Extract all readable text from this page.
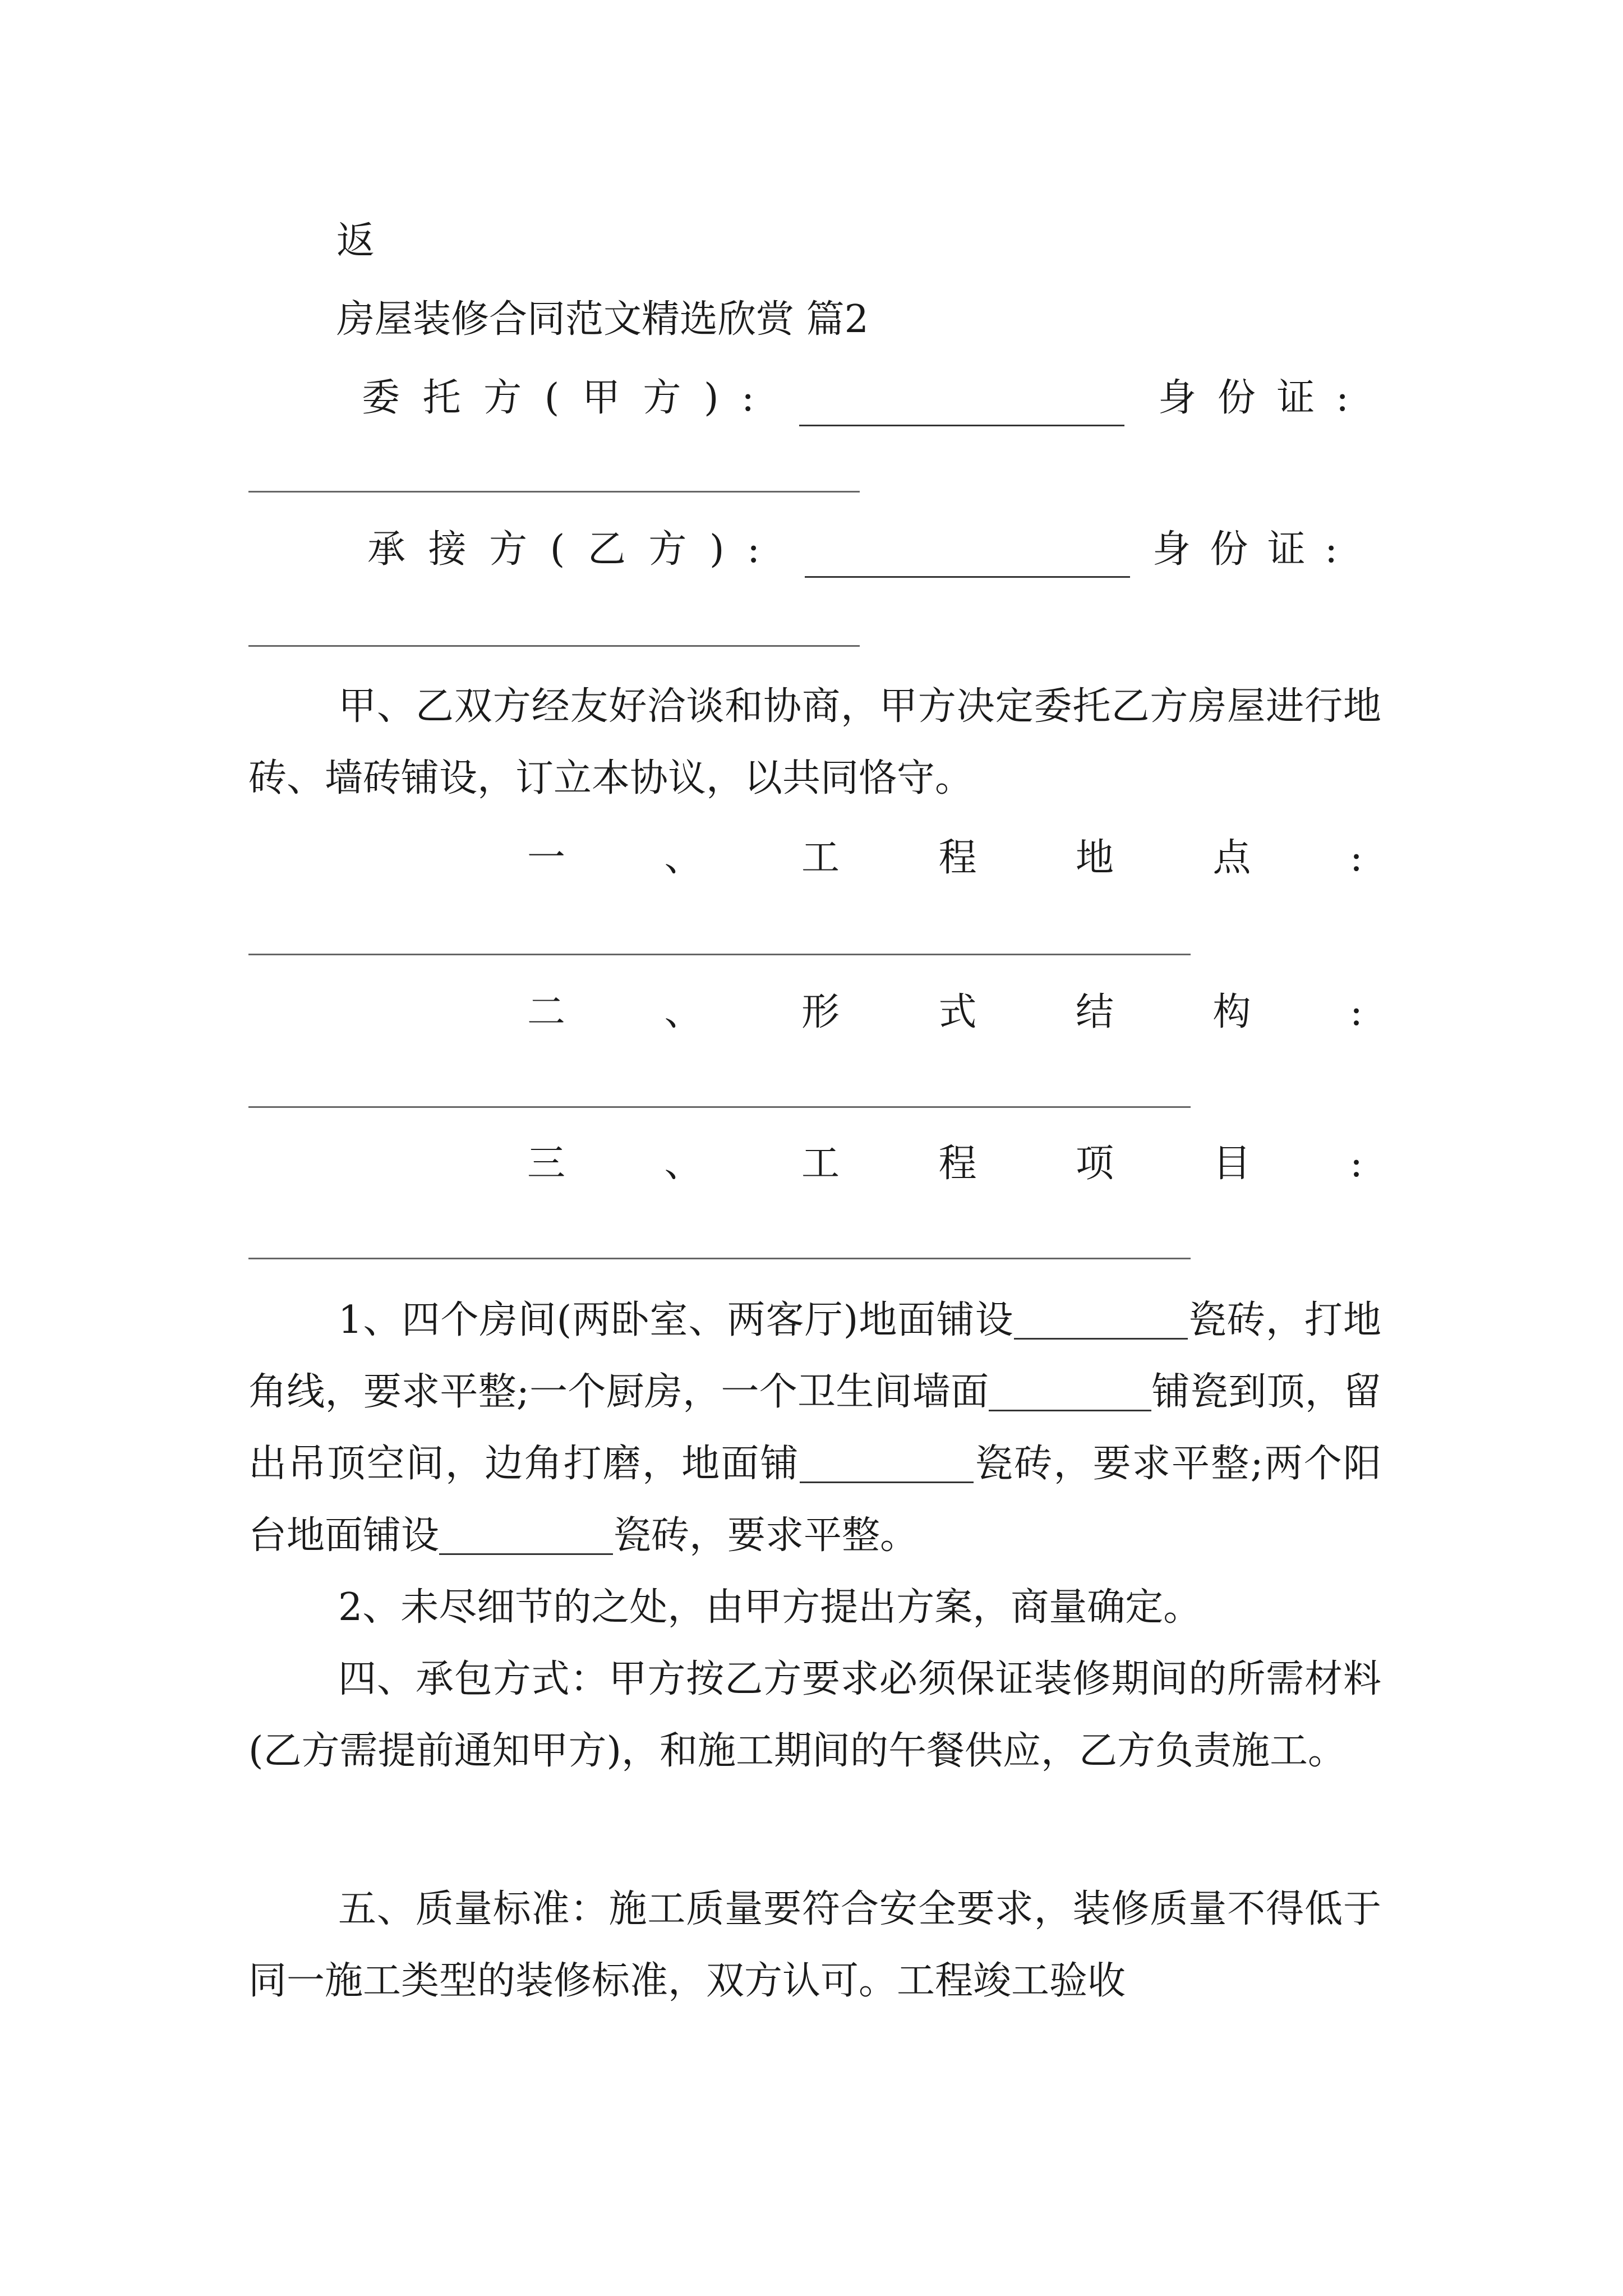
返
房屋装修合同范文精选欣赏 篇2
委 托 方 ( 甲 方 ) :	身 份 证 :
承 接 方 ( 乙 方 ) :	身 份 证 :

甲、乙双方经友好洽谈和协商，甲方决定委托乙方房屋进行地砖、墙砖铺设，订立本协议，以共同恪守。

一	、	工	程	地	点	:
二	、	形	式	结	构	:
三	、	工	程	项	目	:

1、四个房间(两卧室、两客厅)地面铺设	瓷砖，打地角线，要求平整;一个厨房，一个卫生间墙面	铺瓷到顶，留出吊顶空间，边角打磨，地面铺	瓷砖，要求平整;两个阳台地面铺设	瓷砖，要求平整。

2、未尽细节的之处，由甲方提出方案，商量确定。

四、承包方式：甲方按乙方要求必须保证装修期间的所需材料(乙方需提前通知甲方)，和施工期间的午餐供应，乙方负责施工。

五、质量标准：施工质量要符合安全要求，装修质量不得低于同一施工类型的装修标准，双方认可。工程竣工验收
